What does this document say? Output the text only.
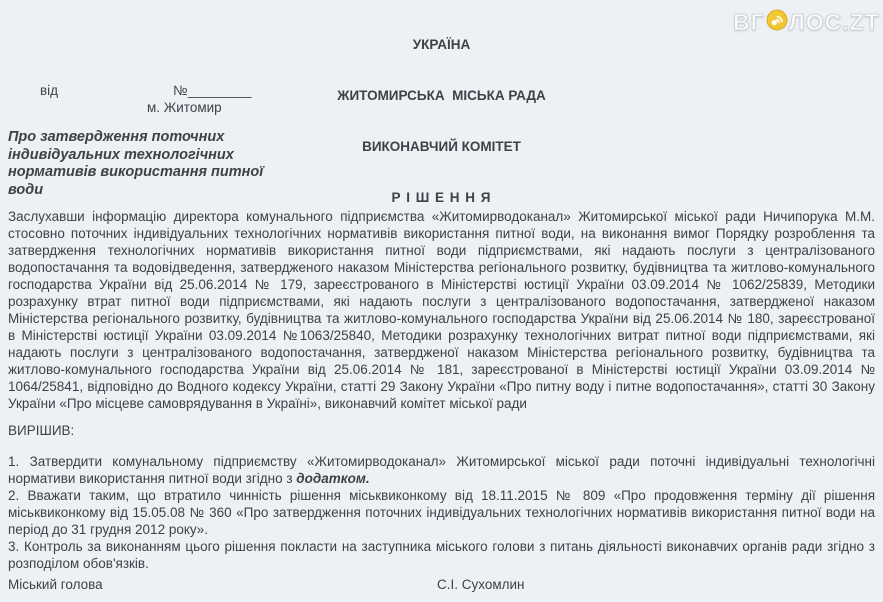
ВГ ЛОС.ZT

УКРАЇНА

ЖИТОМИРСЬКА  МІСЬКА РАДА

ВИКОНАВЧИЙ КОМІТЕТ

Р І Ш Е Н Н Я

від	№________
м. Житомир
Про затвердження поточних
індивідуальних технологічних
нормативів використання питної
води
Заслухавши інформацію директора комунального підприємства «Житомирводоканал» Житомирської міської ради Ничипорука М.М. стосовно поточних індивідуальних технологічних нормативів використання питної води, на виконання вимог Порядку розроблення та затвердження технологічних нормативів використання питної води підприємствами, які надають послуги з централізованого водопостачання та водовідведення, затвердженого наказом Міністерства регіонального розвитку, будівництва та житлово-комунального господарства України від 25.06.2014 № 179, зареєстрованого в Міністерстві юстиції України 03.09.2014 № 1062/25839, Методики розрахунку втрат питної води підприємствами, які надають послуги з централізованого водопостачання, затвердженої наказом Міністерства регіонального розвитку, будівництва та житлово-комунального господарства України від 25.06.2014 № 180, зареєстрованої в Міністерстві юстиції України 03.09.2014 №1063/25840, Методики розрахунку технологічних витрат питної води підприємствами, які надають послуги з централізованого водопостачання, затвердженої наказом Міністерства регіонального розвитку, будівництва та житлово-комунального господарства України від 25.06.2014 № 181, зареєстрованої в Міністерстві юстиції України 03.09.2014 № 1064/25841, відповідно до Водного кодексу України, статті 29 Закону України «Про питну воду і питне водопостачання», статті 30 Закону України «Про місцеве самоврядування в Україні», виконавчий комітет міської ради

ВИРІШИВ:

1. Затвердити комунальному підприємству «Житомирводоканал» Житомирської міської ради поточні індивідуальні технологічні нормативи використання питної води згідно з додатком.

2. Вважати таким, що втратило чинність рішення міськвиконкому від 18.11.2015 № 809 «Про продовження терміну дії рішення міськвиконкому від 15.05.08 № 360 «Про затвердження поточних індивідуальних технологічних нормативів використання питної води на період до 31 грудня 2012 року».

3. Контроль за виконанням цього рішення покласти на заступника міського голови з питань діяльності виконавчих органів ради згідно з розподілом обов'язків.

Міський голова	С.І. Сухомлин
